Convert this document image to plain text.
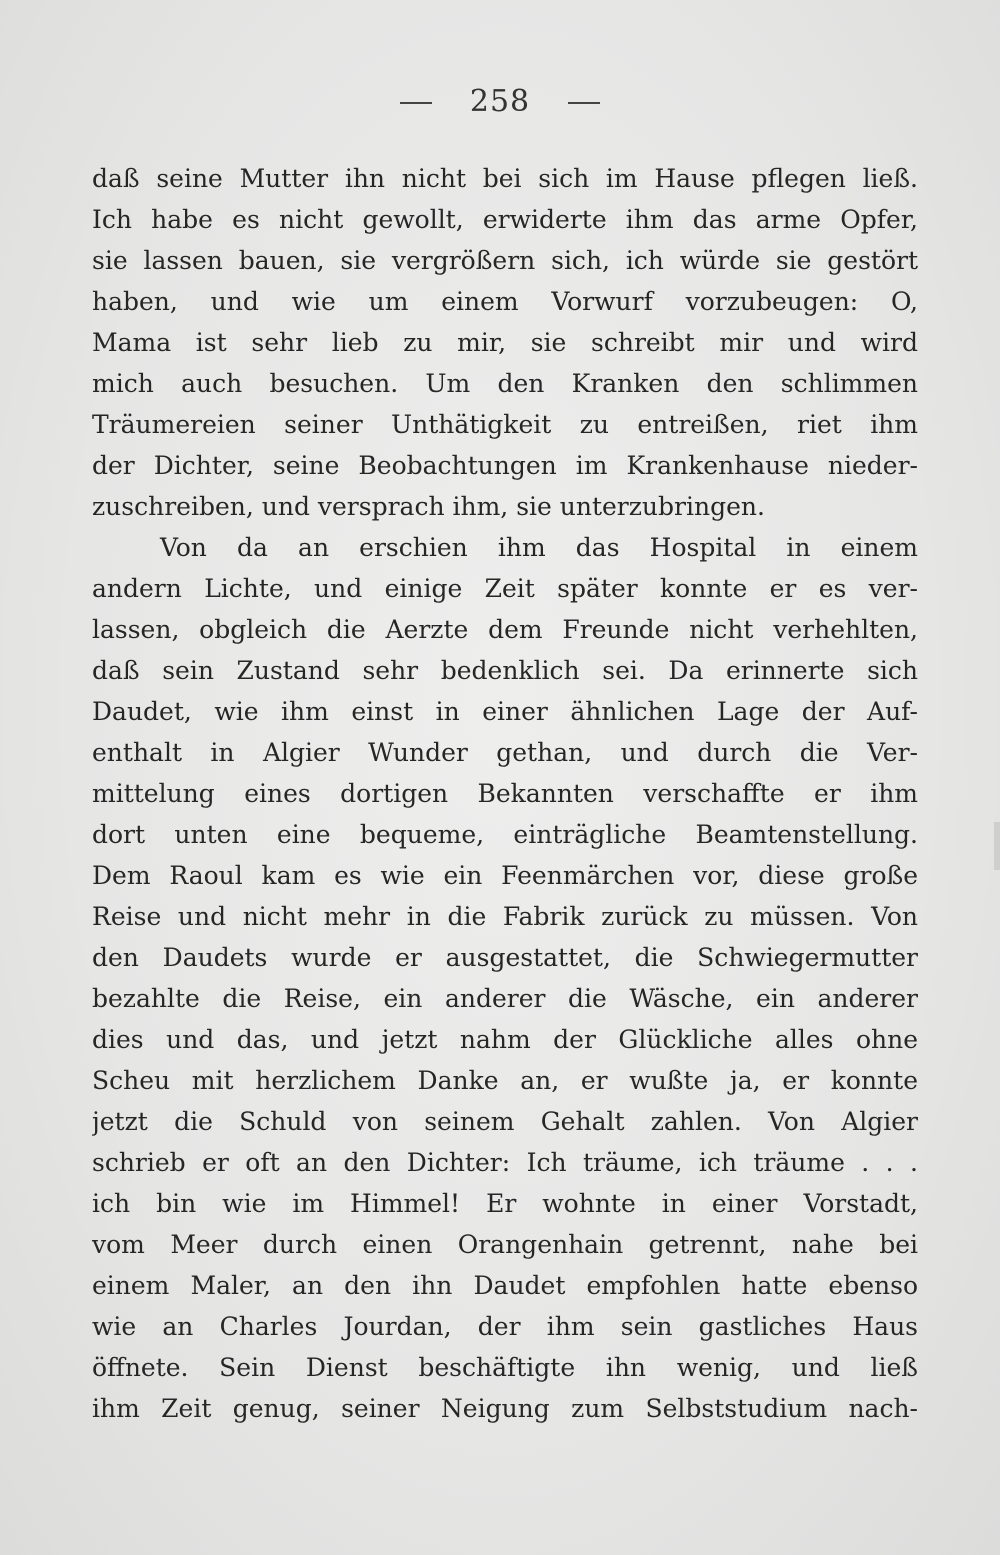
258
daß seine Mutter ihn nicht bei sich im Hause pflegen ließ.
Ich habe es nicht gewollt, erwiderte ihm das arme Opfer,
sie lassen bauen, sie vergrößern sich, ich würde sie gestört
haben, und wie um einem Vorwurf vorzubeugen: O,
Mama ist sehr lieb zu mir, sie schreibt mir und wird
mich auch besuchen. Um den Kranken den schlimmen
Träumereien seiner Unthätigkeit zu entreißen, riet ihm
der Dichter, seine Beobachtungen im Krankenhause nieder-
zuschreiben, und versprach ihm, sie unterzubringen.
Von da an erschien ihm das Hospital in einem
andern Lichte, und einige Zeit später konnte er es ver-
lassen, obgleich die Aerzte dem Freunde nicht verhehlten,
daß sein Zustand sehr bedenklich sei. Da erinnerte sich
Daudet, wie ihm einst in einer ähnlichen Lage der Auf-
enthalt in Algier Wunder gethan, und durch die Ver-
mittelung eines dortigen Bekannten verschaffte er ihm
dort unten eine bequeme, einträgliche Beamtenstellung.
Dem Raoul kam es wie ein Feenmärchen vor, diese große
Reise und nicht mehr in die Fabrik zurück zu müssen. Von
den Daudets wurde er ausgestattet, die Schwiegermutter
bezahlte die Reise, ein anderer die Wäsche, ein anderer
dies und das, und jetzt nahm der Glückliche alles ohne
Scheu mit herzlichem Danke an, er wußte ja, er konnte
jetzt die Schuld von seinem Gehalt zahlen. Von Algier
schrieb er oft an den Dichter: Ich träume, ich träume . . .
ich bin wie im Himmel! Er wohnte in einer Vorstadt,
vom Meer durch einen Orangenhain getrennt, nahe bei
einem Maler, an den ihn Daudet empfohlen hatte ebenso
wie an Charles Jourdan, der ihm sein gastliches Haus
öffnete. Sein Dienst beschäftigte ihn wenig, und ließ
ihm Zeit genug, seiner Neigung zum Selbststudium nach-
